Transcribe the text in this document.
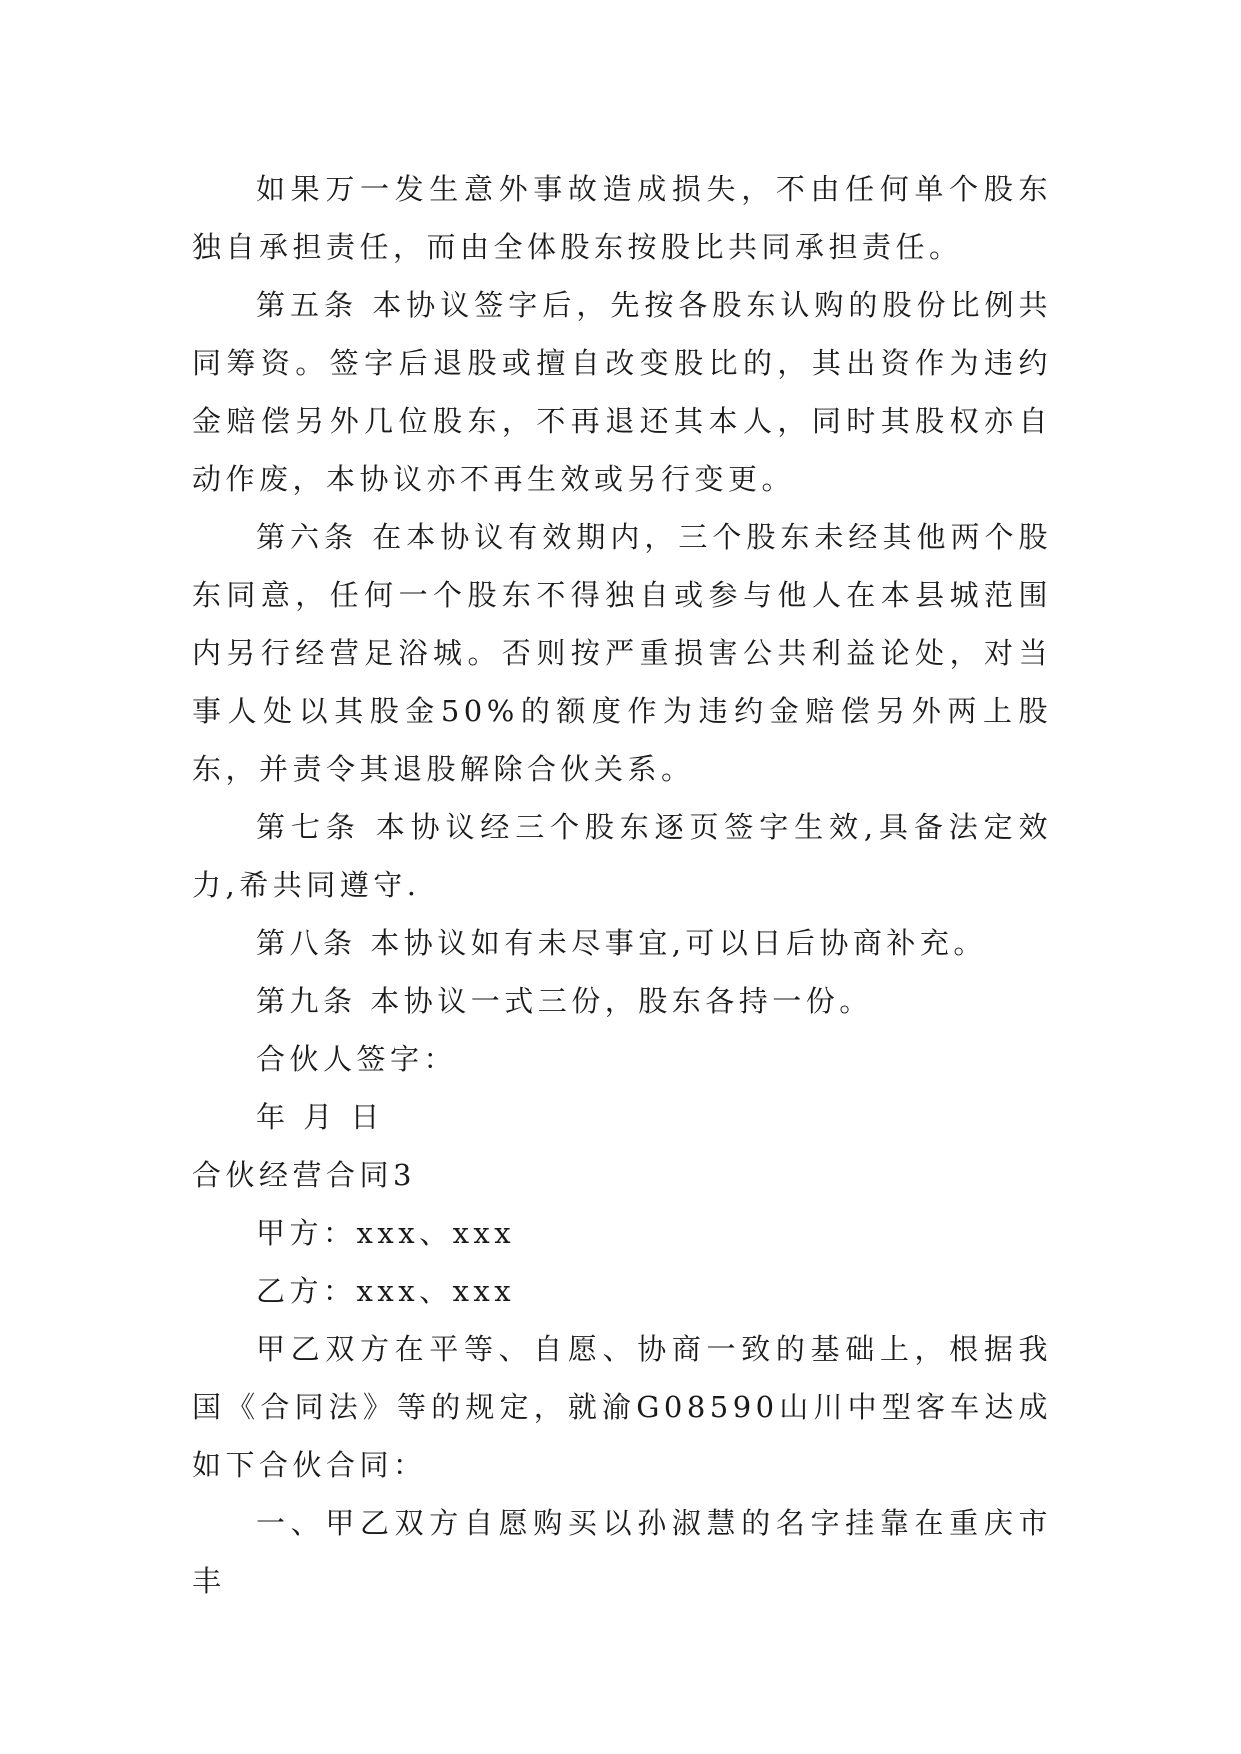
如果万一发生意外事故造成损失，不由任何单个股东独自承担责任，而由全体股东按股比共同承担责任。

第五条 本协议签字后，先按各股东认购的股份比例共同筹资。签字后退股或擅自改变股比的，其出资作为违约金赔偿另外几位股东，不再退还其本人，同时其股权亦自动作废，本协议亦不再生效或另行变更。

第六条 在本协议有效期内，三个股东未经其他两个股东同意，任何一个股东不得独自或参与他人在本县城范围内另行经营足浴城。否则按严重损害公共利益论处，对当事人处以其股金50%的额度作为违约金赔偿另外两上股东，并责令其退股解除合伙关系。

第七条 本协议经三个股东逐页签字生效,具备法定效力,希共同遵守.

第八条 本协议如有未尽事宜,可以日后协商补充。

第九条 本协议一式三份，股东各持一份。

合伙人签字：

年 月 日

合伙经营合同3

甲方：xxx、xxx

乙方：xxx、xxx

甲乙双方在平等、自愿、协商一致的基础上，根据我国《合同法》等的规定，就渝G08590山川中型客车达成如下合伙合同：

一、甲乙双方自愿购买以孙淑慧的名字挂靠在重庆市丰
